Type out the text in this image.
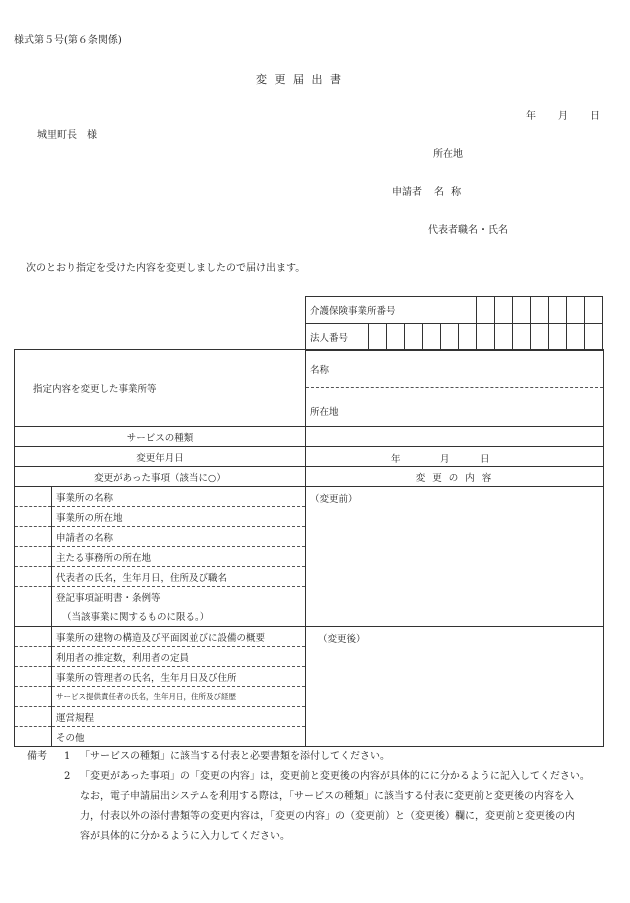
様式第５号(第６条関係)
変 更 届 出 書
年 月 日
城里町長　様
所在地
申請者 名 称
代表者職名・氏名
次のとおり指定を受けた内容を変更しましたので届け出ます。
介護保険事業所番号													
法人番号													
指定内容を変更した事業所等		名称
		所在地
サービスの種類		
変更年月日		年 月 日

変更があった事項（該当に○）		変 更 の 内 容
	事業所の名称	（変更前）
	事業所の所在地	
	申請者の名称	
	主たる事務所の所在地	
	代表者の氏名，生年月日，住所及び職名	
	登記事項証明書・条例等	
	（当該事業に関するものに限る。）	
	事業所の建物の構造及び平面図並びに設備の概要	（変更後）
	利用者の推定数，利用者の定員	
	事業所の管理者の氏名，生年月日及び住所	
	サービス提供責任者の氏名，生年月日，住所及び経歴	
	運営規程	
	その他	
備考 1 「サービスの種類」に該当する付表と必要書類を添付してください。
2 「変更があった事項」の「変更の内容」は，変更前と変更後の内容が具体的にに分かるように記入してください。
なお，電子申請届出システムを利用する際は，「サービスの種類」に該当する付表に変更前と変更後の内容を入
力，付表以外の添付書類等の変更内容は，「変更の内容」の（変更前）と（変更後）欄に，変更前と変更後の内
容が具体的に分かるように入力してください。
